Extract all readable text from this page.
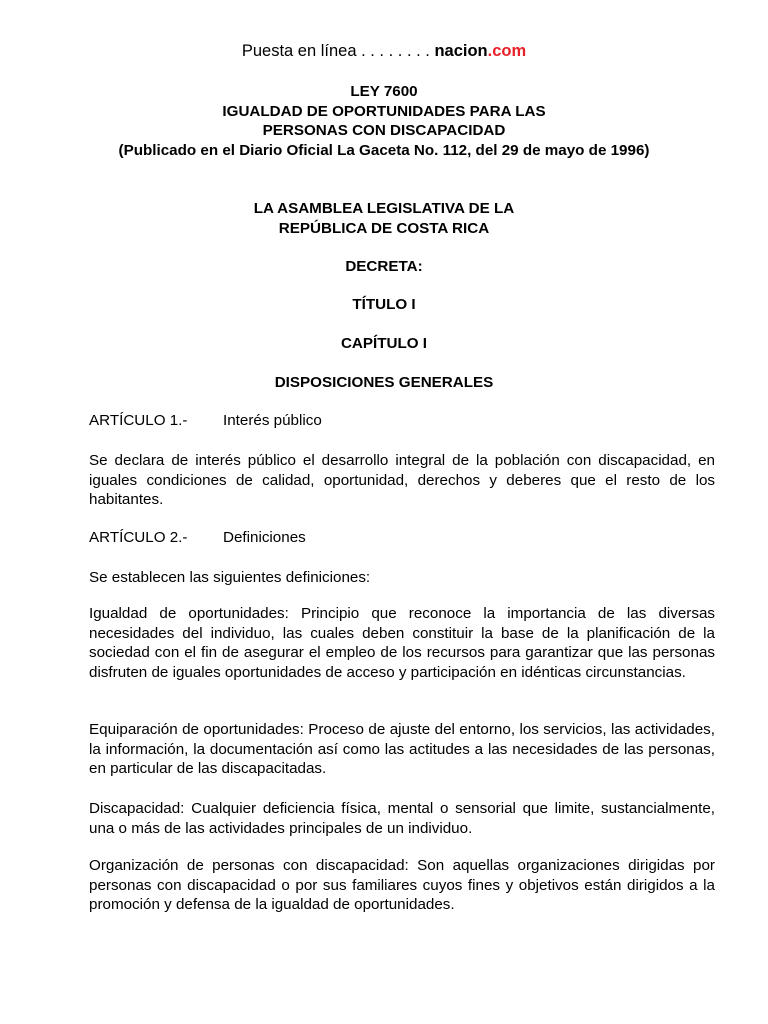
Puesta en línea . . . . . . . . nacion.com
LEY 7600
IGUALDAD DE OPORTUNIDADES PARA LAS
PERSONAS CON DISCAPACIDAD
(Publicado en el Diario Oficial La Gaceta No. 112, del 29 de mayo de 1996)
LA ASAMBLEA LEGISLATIVA DE LA
REPÚBLICA DE COSTA RICA
DECRETA:
TÍTULO I
CAPÍTULO I
DISPOSICIONES GENERALES
ARTÍCULO 1.- Interés público
Se declara de interés público el desarrollo integral de la población con discapacidad, en iguales condiciones de calidad, oportunidad, derechos y deberes que el resto de los habitantes.
ARTÍCULO 2.- Definiciones
Se establecen las siguientes definiciones:
Igualdad de oportunidades: Principio que reconoce la importancia de las diversas necesidades del individuo, las cuales deben constituir la base de la planificación de la sociedad con el fin de asegurar el empleo de los recursos para garantizar que las personas disfruten de iguales oportunidades de acceso y participación en idénticas circunstancias.
Equiparación de oportunidades: Proceso de ajuste del entorno, los servicios, las actividades, la información, la documentación así como las actitudes a las necesidades de las personas, en particular de las discapacitadas.
Discapacidad: Cualquier deficiencia física, mental o sensorial que limite, sustancialmente, una o más de las actividades principales de un individuo.
Organización de personas con discapacidad: Son aquellas organizaciones dirigidas por personas con discapacidad o por sus familiares cuyos fines y objetivos están dirigidos a la promoción y defensa de la igualdad de oportunidades.
